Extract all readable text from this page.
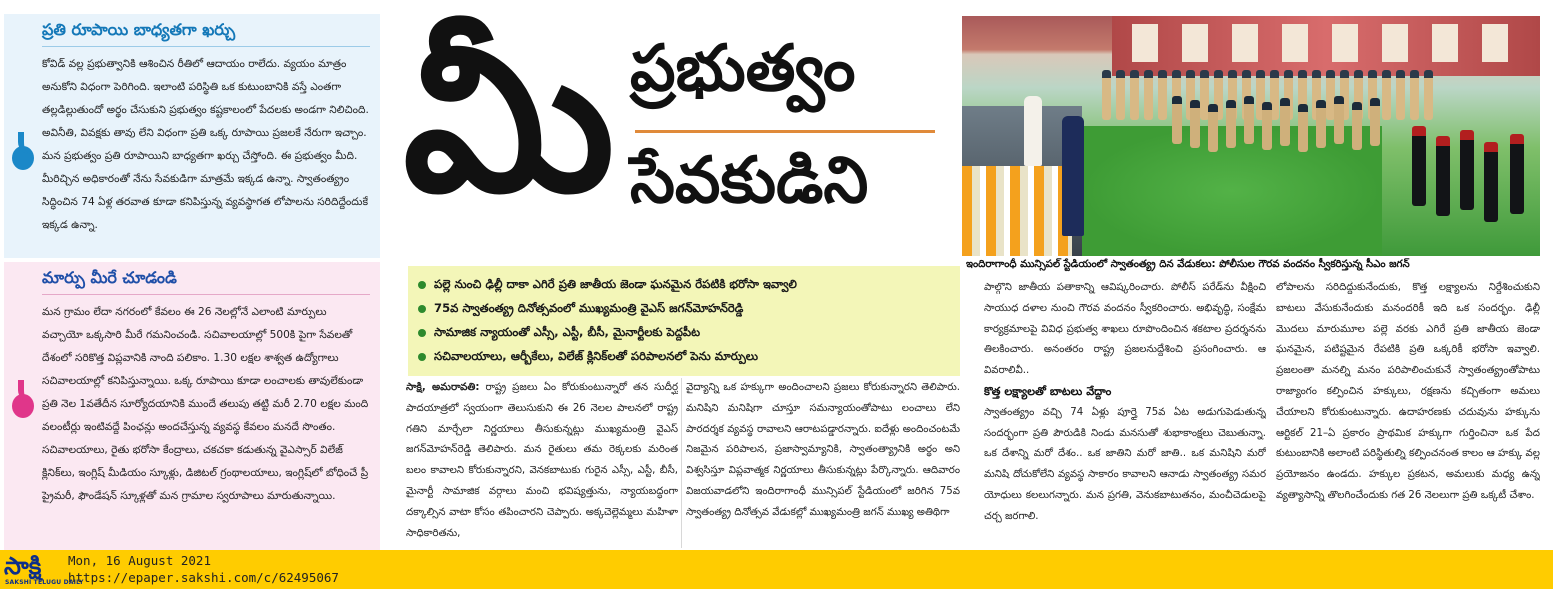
ప్రతి రూపాయి బాధ్యతగా ఖర్చు
కోవిడ్ వల్ల ప్రభుత్వానికి ఆశించిన రీతిలో ఆదాయం రాలేదు. వ్యయం మాత్రం అనుకోని విధంగా పెరిగింది. ఇలాంటి పరిస్థితి ఒక కుటుంబానికి వస్తే ఎంతగా తల్లడిల్లుతుందో అర్థం చేసుకుని ప్రభుత్వం కష్టకాలంలో పేదలకు అండగా నిలిచింది. అవినీతి, వివక్షకు తావు లేని విధంగా ప్రతి ఒక్క రూపాయి ప్రజలకే నేరుగా ఇచ్చాం. మన ప్రభుత్వం ప్రతి రూపాయిని బాధ్యతగా ఖర్చు చేస్తోంది. ఈ ప్రభుత్వం మీది. మీరిచ్చిన అధికారంతో నేను సేవకుడిగా మాత్రమే ఇక్కడ ఉన్నా. స్వాతంత్య్రం సిద్ధించిన 74 ఏళ్ల తరవాత కూడా కనిపిస్తున్న వ్యవస్థాగత లోపాలను సరిదిద్దేందుకే ఇక్కడ ఉన్నా.
మార్పు మీరే చూడండి
మన గ్రామం లేదా నగరంలో కేవలం ఈ 26 నెలల్లోనే ఎలాంటి మార్పులు వచ్చాయో ఒక్కసారి మీరే గమనించండి. సచివాలయాల్లో 500కి పైగా సేవలతో దేశంలో సరికొత్త విప్లవానికి నాంది పలికాం. 1.30 లక్షల శాశ్వత ఉద్యోగాలు సచివాలయాల్లో కనిపిస్తున్నాయి. ఒక్క రూపాయి కూడా లంచాలకు తావులేకుండా ప్రతి నెల 1వతేదీన సూర్యోదయానికి ముందే తలుపు తట్టి మరీ 2.70 లక్షల మంది వలంటీర్లు ఇంటివద్దే పింఛన్లు అందచేస్తున్న వ్యవస్థ కేవలం మనదే సొంతం. సచివాలయాలు, రైతు భరోసా కేంద్రాలు, చకచకా కడుతున్న వైఎస్సార్ విలేజ్ క్లినిక్‌లు, ఇంగ్లిష్ మీడియం స్కూళ్లు, డిజిటల్ గ్రంథాలయాలు, ఇంగ్లిష్‌లో బోధించే ప్రీ ప్రైమరీ, ఫౌండేషన్ స్కూళ్లతో మన గ్రామాల స్వరూపాలు మారుతున్నాయి.
మీ ప్రభుత్వం
సేవకుడిని
ఇందిరాగాంధీ మున్సిపల్ స్టేడియంలో స్వాతంత్య్ర దిన వేడుకలు: పోలీసుల గౌరవ వందనం స్వీకరిస్తున్న సీఎం జగన్
పల్లె నుంచి ఢిల్లీ దాకా ఎగిరే ప్రతి జాతీయ జెండా ఘనమైన రేపటికి భరోసా ఇవ్వాలి
75వ స్వాతంత్య్ర దినోత్సవంలో ముఖ్యమంత్రి వైఎస్ జగన్‌మోహన్‌రెడ్డి
సామాజిక న్యాయంతో ఎస్సీ, ఎస్టీ, బీసీ, మైనార్టీలకు పెద్దపీట
సచివాలయాలు, ఆర్బీకేలు, విలేజ్ క్లినిక్‌లతో పరిపాలనలో పెను మార్పులు
సాక్షి, అమరావతి: రాష్ట్ర ప్రజలు ఏం కోరుకుంటున్నారో తన సుదీర్ఘ పాదయాత్రలో స్వయంగా తెలుసుకుని ఈ 26 నెలల పాలనలో రాష్ట్ర గతిని మార్చేలా నిర్ణయాలు తీసుకున్నట్లు ముఖ్యమంత్రి వైఎస్ జగన్‌మోహన్‌రెడ్డి తెలిపారు. మన రైతులు తమ రెక్కలకు మరింత బలం కావాలని కోరుకున్నారని, వెనకబాటుకు గురైన ఎస్సీ, ఎస్టీ, బీసీ, మైనార్టీ సామాజిక వర్గాలు మంచి భవిష్యత్తును, న్యాయబద్ధంగా దక్కాల్సిన వాటా కోసం తపించారని చెప్పారు. అక్కచెల్లెమ్మలు మహిళా సాధికారితను,
వైద్యాన్ని ఒక హక్కుగా అందించాలని ప్రజలు కోరుకున్నారని తెలిపారు. మనిషిని మనిషిగా చూస్తూ సమన్యాయంతోపాటు లంచాలు లేని పారదర్శక వ్యవస్థ రావాలని ఆరాటపడ్డారన్నారు. ఐదేళ్లు అందించంటమే నిజమైన పరిపాలన, ప్రజాస్వామ్యానికి, స్వాతంత్య్రానికి అర్థం అని విశ్వసిస్తూ విప్లవాత్మక నిర్ణయాలు తీసుకున్నట్లు పేర్కొన్నారు. ఆదివారం విజయవాడలోని ఇందిరాగాంధీ మున్సిపల్ స్టేడియంలో జరిగిన 75వ స్వాతంత్య్ర దినోత్సవ వేడుకల్లో ముఖ్యమంత్రి జగన్ ముఖ్య అతిథిగా
పాల్గొని జాతీయ పతాకాన్ని ఆవిష్కరించారు. పోలీస్ పరేడ్‌ను వీక్షించి సాయుధ దళాల నుంచి గౌరవ వందనం స్వీకరించారు. అభివృద్ధి, సంక్షేమ కార్యక్రమాలపై వివిధ ప్రభుత్వ శాఖలు రూపొందించిన శకటాల ప్రదర్శనను తిలకించారు. అనంతరం రాష్ట్ర ప్రజలనుద్దేశించి ప్రసంగించారు. ఆ వివరాలివీ..
కొత్త లక్ష్యాలతో బాటలు వేద్దాం
స్వాతంత్య్రం వచ్చి 74 ఏళ్లు పూర్తై 75వ ఏట అడుగుపెడుతున్న సందర్భంగా ప్రతి పౌరుడికి నిండు మనసుతో శుభాకాంక్షలు చెబుతున్నా. ఒక దేశాన్ని మరో దేశం.. ఒక జాతిని మరో జాతి.. ఒక మనిషిని మరో మనిషి దోచుకోలేని వ్యవస్థ సాకారం కావాలని ఆనాడు స్వాతంత్య్ర సమర యోధులు కలలుగన్నారు. మన ప్రగతి, వెనుకబాటుతనం, మంచీచెడులపై చర్చ జరగాలి.
లోపాలను సరిదిద్దుకునేందుకు, కొత్త లక్ష్యాలను నిర్దేశించుకుని బాటలు వేసుకునేందుకు మనందరికీ ఇది ఒక సందర్భం. ఢిల్లీ మొదలు మారుమూల పల్లె వరకు ఎగిరే ప్రతి జాతీయ జెండా ఘనమైన, పటిష్టమైన రేపటికి ప్రతి ఒక్కరికీ భరోసా ఇవ్వాలి. ప్రజలంతా మనల్ని మనం పరిపాలించుకునే స్వాతంత్య్రంతోపాటు రాజ్యాంగం కల్పించిన హక్కులు, రక్షణను కచ్చితంగా అమలు చేయాలని కోరుకుంటున్నారు. ఉదాహరణకు చదువును హక్కును ఆర్టికల్ 21–ఏ ప్రకారం ప్రాథమిక హక్కుగా గుర్తించినా ఒక పేద కుటుంబానికి అలాంటి పరిస్థితుల్ని కల్పించనంత కాలం ఆ హక్కు వల్ల ప్రయోజనం ఉండదు. హక్కుల ప్రకటన, అమలుకు మధ్య ఉన్న వ్యత్యాసాన్ని తొలగించేందుకు గత 26 నెలలుగా ప్రతి ఒక్కటీ చేశాం.
సాక్షి
SAKSHI TELUGU DAILY
Mon, 16 August 2021
https://epaper.sakshi.com/c/62495067
